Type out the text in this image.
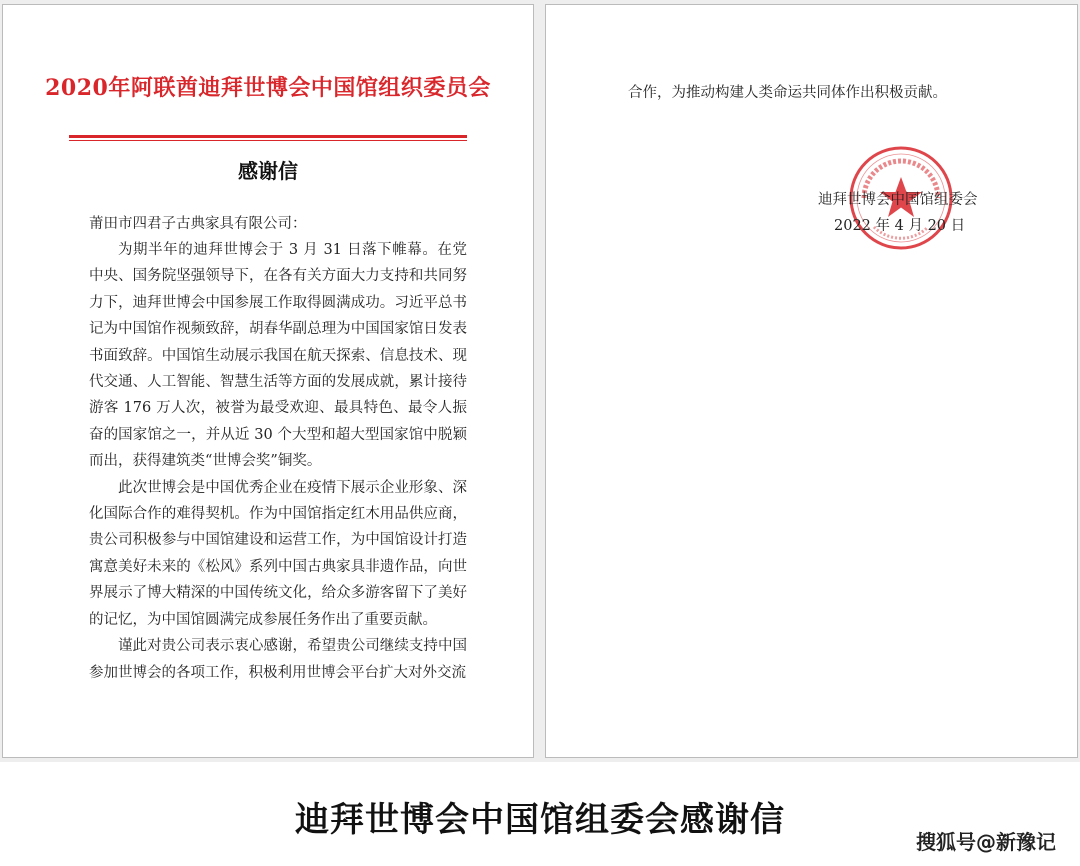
2020年阿联酋迪拜世博会中国馆组织委员会
感谢信
莆田市四君子古典家具有限公司：

为期半年的迪拜世博会于 3 月 31 日落下帷幕。在党中央、国务院坚强领导下，在各有关方面大力支持和共同努力下，迪拜世博会中国参展工作取得圆满成功。习近平总书记为中国馆作视频致辞，胡春华副总理为中国国家馆日发表书面致辞。中国馆生动展示我国在航天探索、信息技术、现代交通、人工智能、智慧生活等方面的发展成就，累计接待游客 176 万人次，被誉为最受欢迎、最具特色、最令人振奋的国家馆之一，并从近 30 个大型和超大型国家馆中脱颖而出，获得建筑类“世博会奖”铜奖。

此次世博会是中国优秀企业在疫情下展示企业形象、深化国际合作的难得契机。作为中国馆指定红木用品供应商，贵公司积极参与中国馆建设和运营工作，为中国馆设计打造寓意美好未来的《松风》系列中国古典家具非遗作品，向世界展示了博大精深的中国传统文化，给众多游客留下了美好的记忆，为中国馆圆满完成参展任务作出了重要贡献。

谨此对贵公司表示衷心感谢，希望贵公司继续支持中国参加世博会的各项工作，积极利用世博会平台扩大对外交流

合作，为推动构建人类命运共同体作出积极贡献。
迪拜世博会中国馆组委会
2022 年 4 月 20 日
迪拜世博会中国馆组委会感谢信
搜狐号@新豫记
